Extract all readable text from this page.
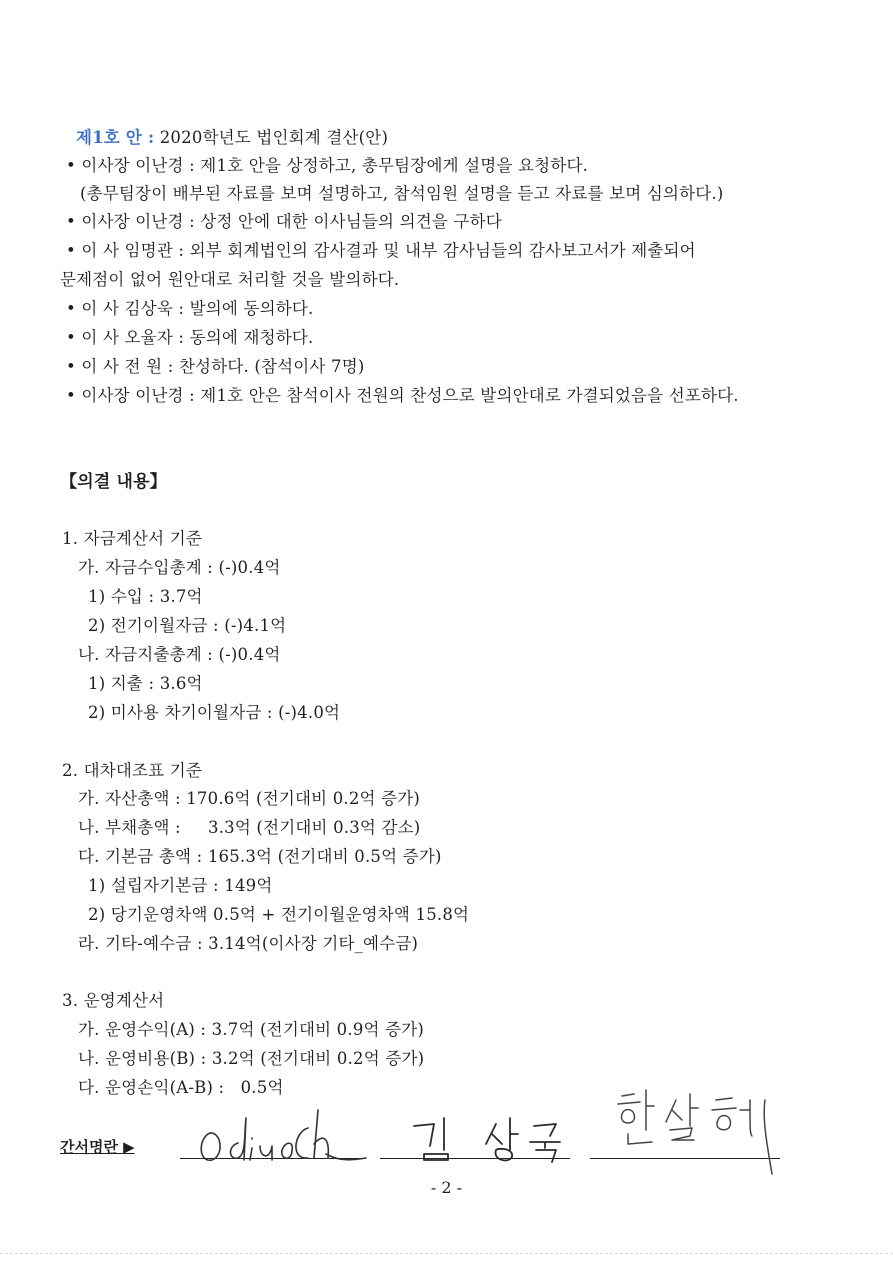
제1호 안 : 2020학년도 법인회계 결산(안)
• 이사장 이난경 : 제1호 안을 상정하고, 총무팀장에게 설명을 요청하다.
(총무팀장이 배부된 자료를 보며 설명하고, 참석임원 설명을 듣고 자료를 보며 심의하다.)
• 이사장 이난경 : 상정 안에 대한 이사님들의 의견을 구하다
• 이 사 임명관 : 외부 회계법인의 감사결과 및 내부 감사님들의 감사보고서가 제출되어
문제점이 없어 원안대로 처리할 것을 발의하다.
• 이 사 김상욱 : 발의에 동의하다.
• 이 사 오율자 : 동의에 재청하다.
• 이 사 전 원 : 찬성하다. (참석이사 7명)
• 이사장 이난경 : 제1호 안은 참석이사 전원의 찬성으로 발의안대로 가결되었음을 선포하다.
【의결 내용】
1. 자금계산서 기준
가. 자금수입총계 : (-)0.4억
1) 수입 : 3.7억
2) 전기이월자금 : (-)4.1억
나. 자금지출총계 : (-)0.4억
1) 지출 : 3.6억
2) 미사용 차기이월자금 : (-)4.0억
2. 대차대조표 기준
가. 자산총액 : 170.6억 (전기대비 0.2억 증가)
나. 부채총액 :     3.3억 (전기대비 0.3억 감소)
다. 기본금 총액 : 165.3억 (전기대비 0.5억 증가)
1) 설립자기본금 : 149억
2) 당기운영차액 0.5억 + 전기이월운영차액 15.8억
라. 기타-예수금 : 3.14억(이사장 기타_예수금)
3. 운영계산서
가. 운영수익(A) : 3.7억 (전기대비 0.9억 증가)
나. 운영비용(B) : 3.2억 (전기대비 0.2억 증가)
다. 운영손익(A-B) :   0.5억
간서명란 ▶
- 2 -
